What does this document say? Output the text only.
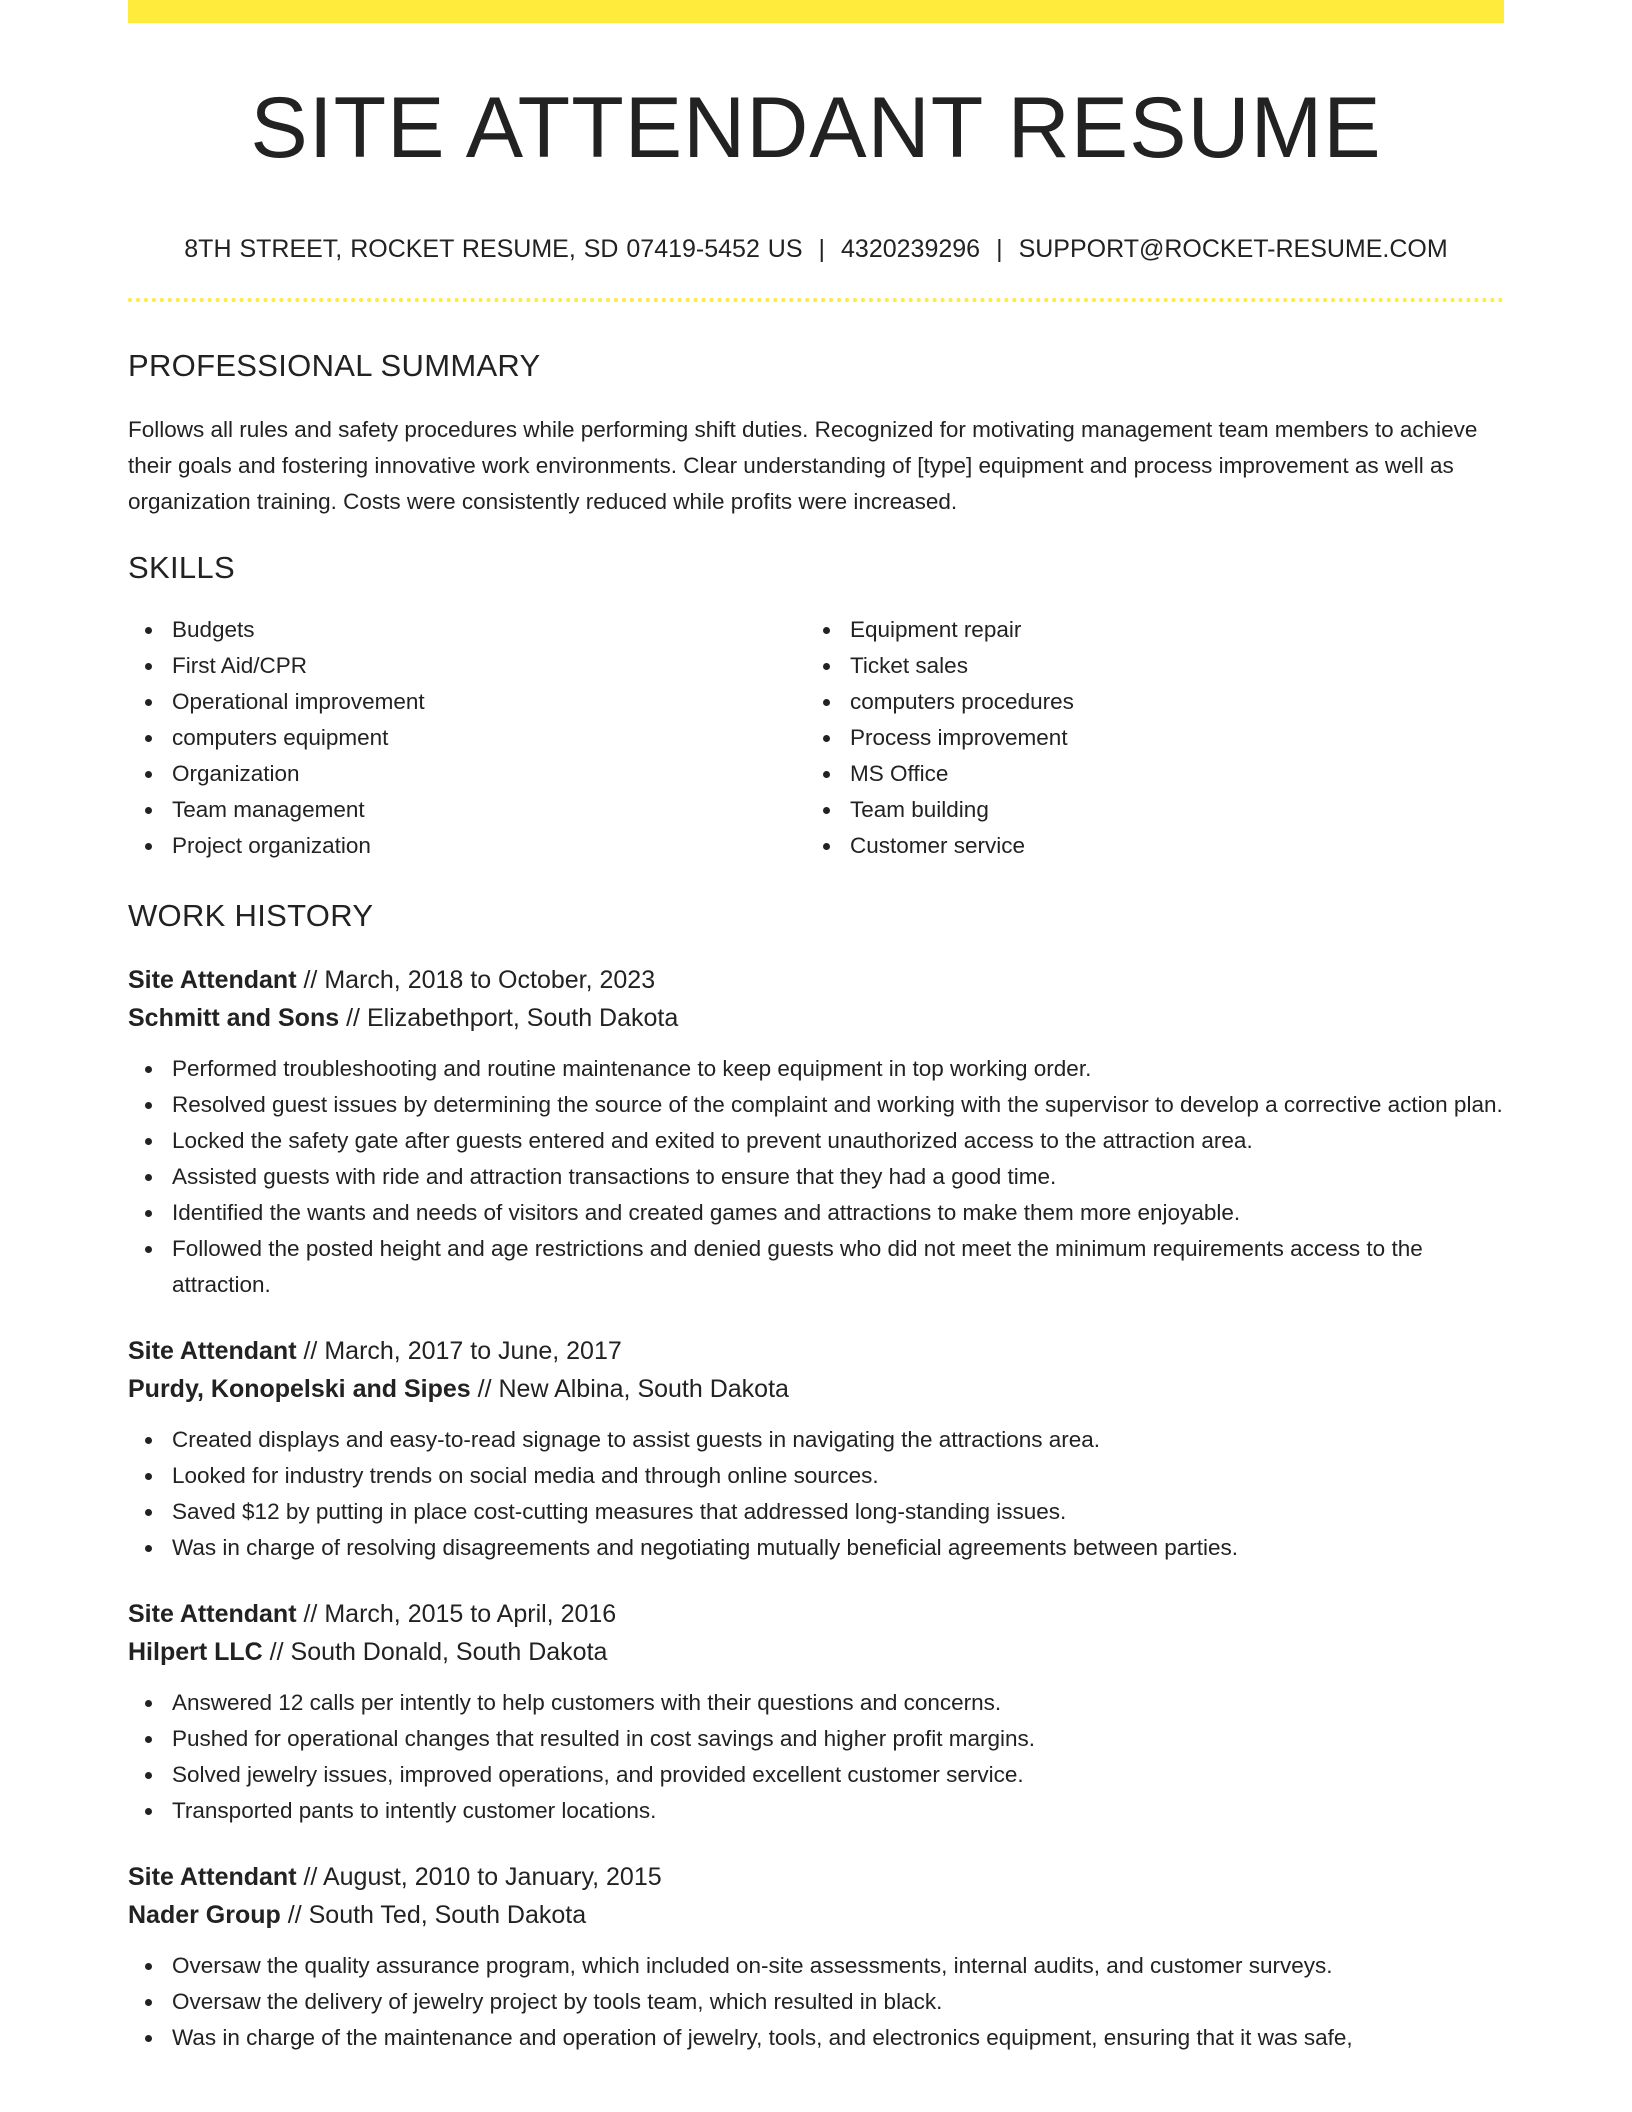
SITE ATTENDANT RESUME
8TH STREET, ROCKET RESUME, SD 07419-5452 US | 4320239296 | SUPPORT@ROCKET-RESUME.COM
PROFESSIONAL SUMMARY

Follows all rules and safety procedures while performing shift duties. Recognized for motivating management team members to achieve their goals and fostering innovative work environments. Clear understanding of [type] equipment and process improvement as well as organization training. Costs were consistently reduced while profits were increased.

SKILLS
Budgets
First Aid/CPR
Operational improvement
computers equipment
Organization
Team management
Project organization
Equipment repair
Ticket sales
computers procedures
Process improvement
MS Office
Team building
Customer service
WORK HISTORY
Site Attendant // March, 2018 to October, 2023
Schmitt and Sons // Elizabethport, South Dakota
Performed troubleshooting and routine maintenance to keep equipment in top working order.
Resolved guest issues by determining the source of the complaint and working with the supervisor to develop a corrective action plan.
Locked the safety gate after guests entered and exited to prevent unauthorized access to the attraction area.
Assisted guests with ride and attraction transactions to ensure that they had a good time.
Identified the wants and needs of visitors and created games and attractions to make them more enjoyable.
Followed the posted height and age restrictions and denied guests who did not meet the minimum requirements access to the attraction.
Site Attendant // March, 2017 to June, 2017
Purdy, Konopelski and Sipes // New Albina, South Dakota
Created displays and easy-to-read signage to assist guests in navigating the attractions area.
Looked for industry trends on social media and through online sources.
Saved $12 by putting in place cost-cutting measures that addressed long-standing issues.
Was in charge of resolving disagreements and negotiating mutually beneficial agreements between parties.
Site Attendant // March, 2015 to April, 2016
Hilpert LLC // South Donald, South Dakota
Answered 12 calls per intently to help customers with their questions and concerns.
Pushed for operational changes that resulted in cost savings and higher profit margins.
Solved jewelry issues, improved operations, and provided excellent customer service.
Transported pants to intently customer locations.
Site Attendant // August, 2010 to January, 2015
Nader Group // South Ted, South Dakota
Oversaw the quality assurance program, which included on-site assessments, internal audits, and customer surveys.
Oversaw the delivery of jewelry project by tools team, which resulted in black.
Was in charge of the maintenance and operation of jewelry, tools, and electronics equipment, ensuring that it was safe,
